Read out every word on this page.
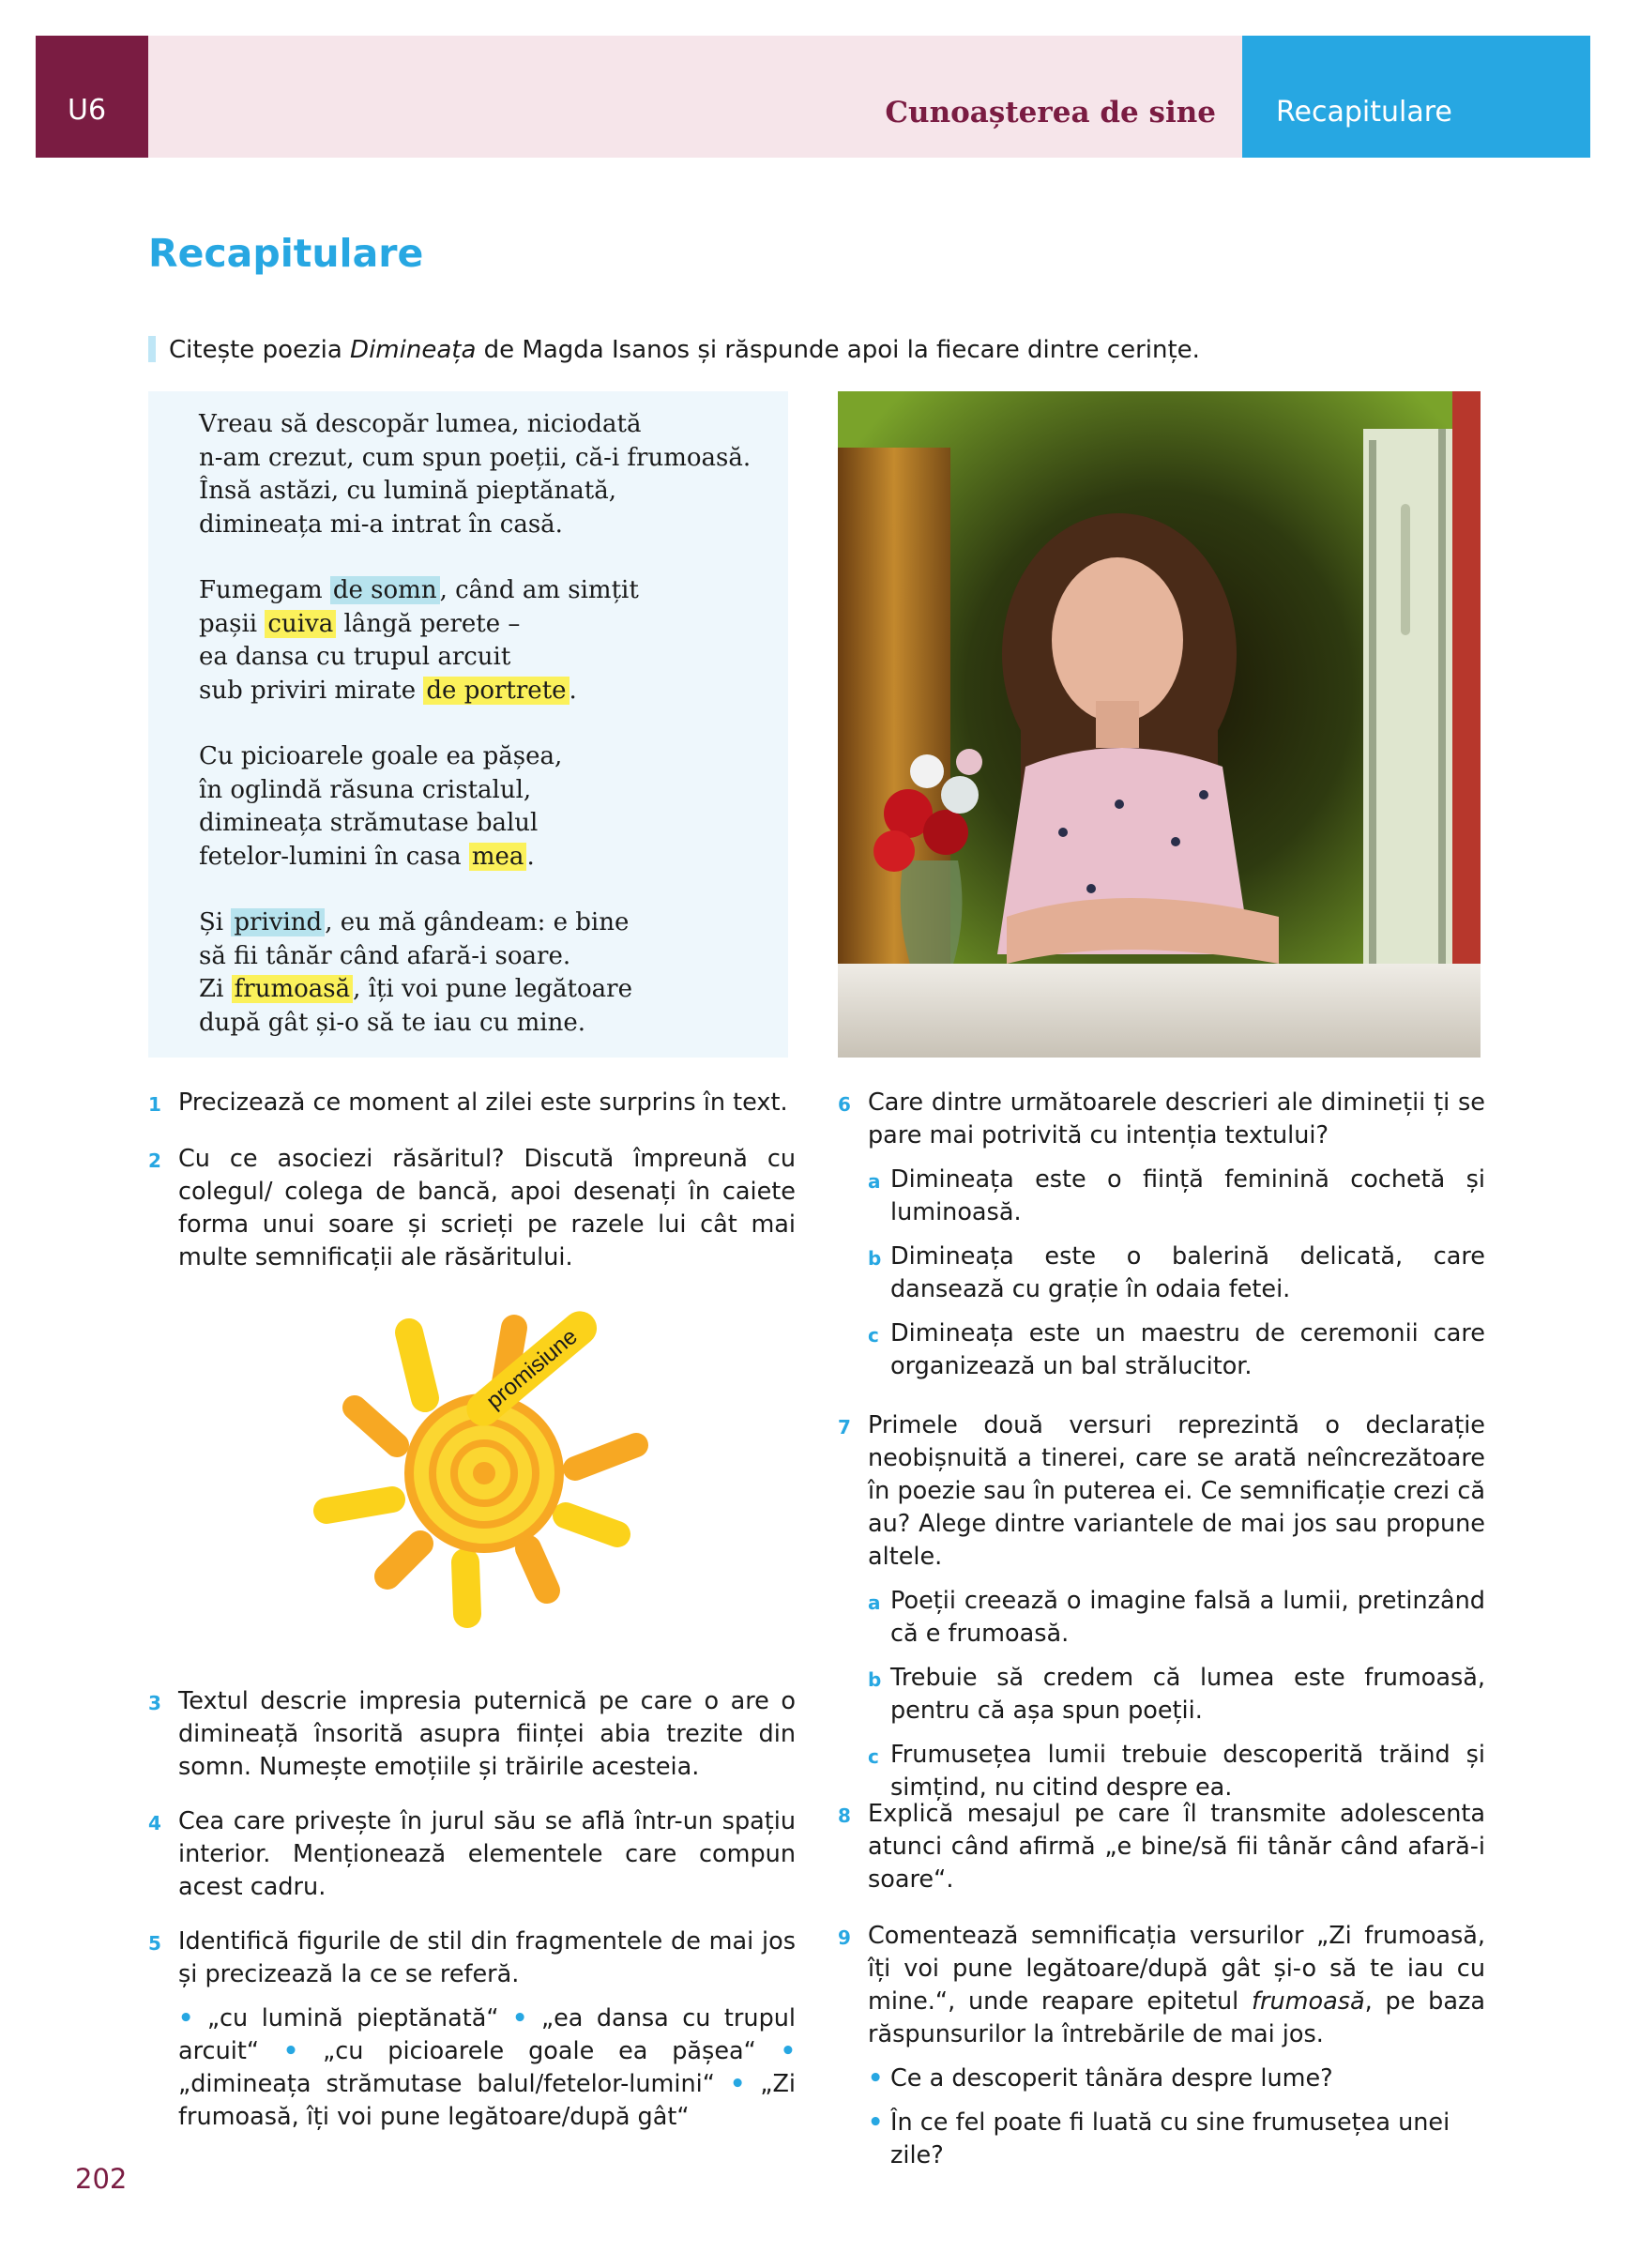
U6	Cunoașterea de sine Recapitulare
Recapitulare
Citește poezia Dimineața de Magda Isanos și răspunde apoi la fiecare dintre cerințe.
Vreau să descopăr lumea, niciodată
n-am crezut, cum spun poeții, că-i frumoasă.
Însă astăzi, cu lumină pieptănată,
dimineața mi-a intrat în casă.
Fumegam de somn , când am simțit
pașii cuiva lângă perete –
ea dansa cu trupul arcuit
sub priviri mirate de portrete .
Cu picioarele goale ea pășea,
în oglindă răsuna cristalul,
dimineața strămutase balul
fetelor-lumini în casa mea .
Și privind , eu mă gândeam: e bine
să fii tânăr când afară-i soare.
Zi frumoasă , îți voi pune legătoare
după gât și-o să te iau cu mine.
1 Precizează ce moment al zilei este surprins în text.
2 Cu ce asociezi răsăritul? Discută împreună cu colegul/ colega de bancă, apoi desenați în caiete forma unui soare și scrieți pe razele lui cât mai multe semnificații ale răsăritului.
3 Textul descrie impresia puternică pe care o are o dimineață însorită asupra ființei abia trezite din somn. Numește emoțiile și trăirile acesteia.
4 Cea care privește în jurul său se află într-un spațiu interior. Menționează elementele care compun acest cadru.
5 Identifică figurile de stil din fragmentele de mai jos și precizează la ce se referă.
• „cu lumină pieptănată“ • „ea dansa cu trupul arcuit“ • „cu picioarele goale ea pășea“ • „dimineața strămutase balul/fetelor-lumini“ • „Zi frumoasă, îți voi pune legătoare/după gât“
promisiune
6 Care dintre următoarele descrieri ale dimineții ți se pare mai potrivită cu intenția textului?
a Dimineața este o ființă feminină cochetă și luminoasă.
b Dimineața este o balerină delicată, care dansează cu grație în odaia fetei.
c Dimineața este un maestru de ceremonii care organizează un bal strălucitor.
7 Primele două versuri reprezintă o declarație neobișnuită a tinerei, care se arată neîncrezătoare în poezie sau în puterea ei. Ce semnificație crezi că au? Alege dintre variantele de mai jos sau propune altele.
a Poeții creează o imagine falsă a lumii, pretinzând că e frumoasă.
b Trebuie să credem că lumea este frumoasă, pentru că așa spun poeții.
c Frumusețea lumii trebuie descoperită trăind și simțind, nu citind despre ea.
8 Explică mesajul pe care îl transmite adolescenta atunci când afirmă „e bine/să fii tânăr când afară-i soare“.
9 Comentează semnificația versurilor „Zi frumoasă, îți voi pune legătoare/după gât și-o să te iau cu mine.“, unde reapare epitetul frumoasă, pe baza răspunsurilor la întrebările de mai jos.
• Ce a descoperit tânăra despre lume?
• În ce fel poate fi luată cu sine frumusețea unei zile?
202
